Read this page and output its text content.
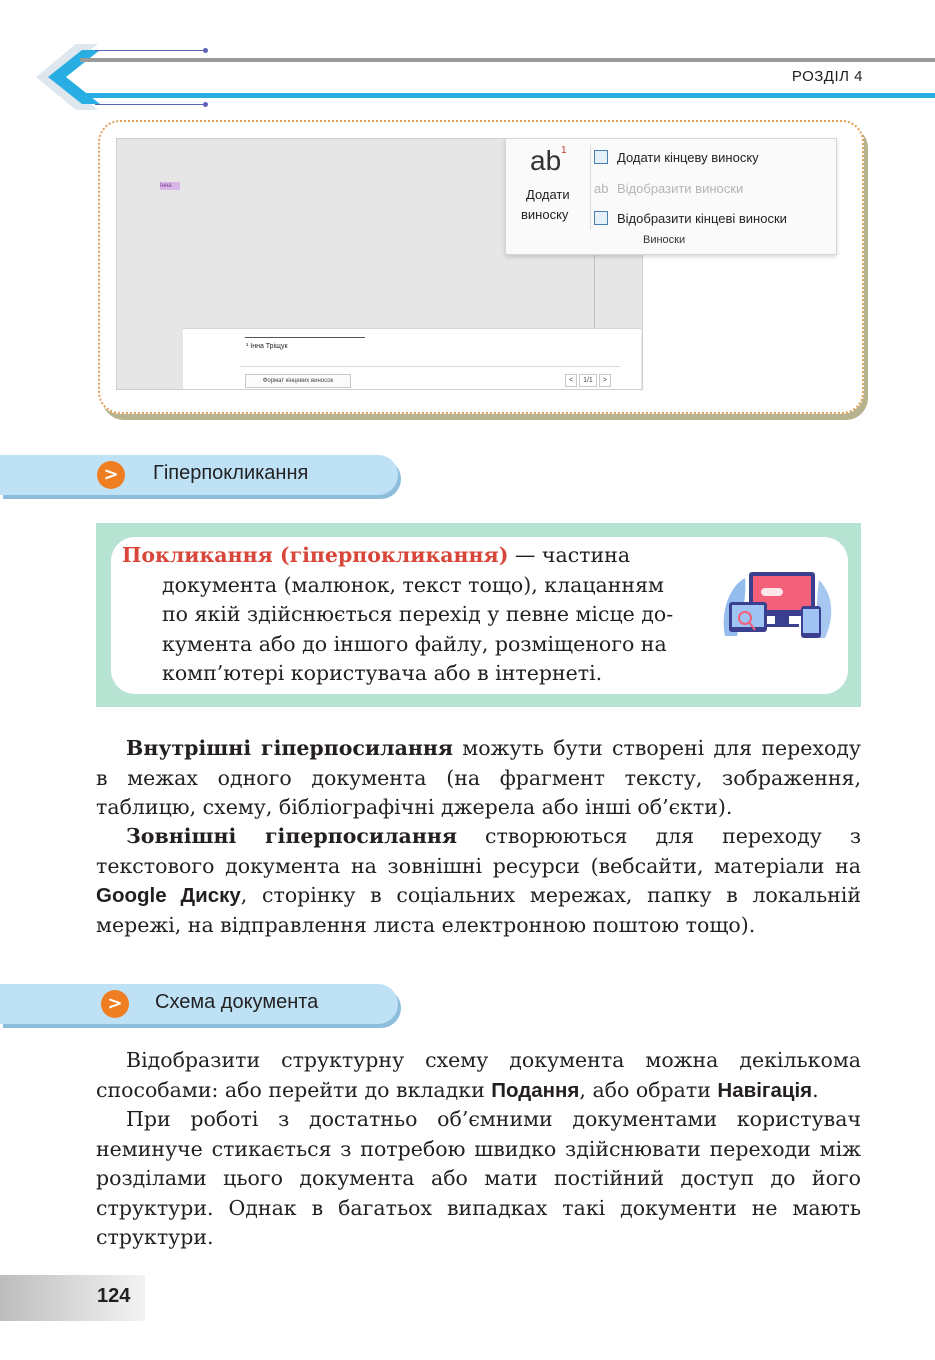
РОЗДІЛ 4
Інна
¹ Інна Тріщук
Формат кінцевих виносок	<	1/1	>
ab 1
Додати
виноску
Додати кінцеву виноску
ab Відобразити виноски
Відобразити кінцеві виноски
Виноски
>	Гіперпокликання
Покликання (гіперпокликання) — частина
документа (малюнок, текст тощо), клацанням
по якій здійснюється перехід у певне місце до-
кумента або до іншого файлу, розміщеного на
комп’ютері користувача або в інтернеті.
Внутрішні гіперпосилання можуть бути створені для переходу в межах одного документа (на фрагмент тексту, зображення, таблицю, схему, бібліографічні джерела або інші об’єкти).
Зовнішні гіперпосилання створюються для переходу з текстового документа на зовнішні ресурси (вебсайти, матеріали на Google Диску, сторінку в соціальних мережах, папку в локальній мережі, на відправлення листа електронною поштою тощо).
>	Схема документа
Відобразити структурну схему документа можна декількома способами: або перейти до вкладки Подання, або обрати Навігація.
При роботі з достатньо об’ємними документами користувач неминуче стикається з потребою швидко здійснювати переходи між розділами цього документа або мати постійний доступ до його структури. Однак в багатьох випадках такі документи не мають структури.
124
